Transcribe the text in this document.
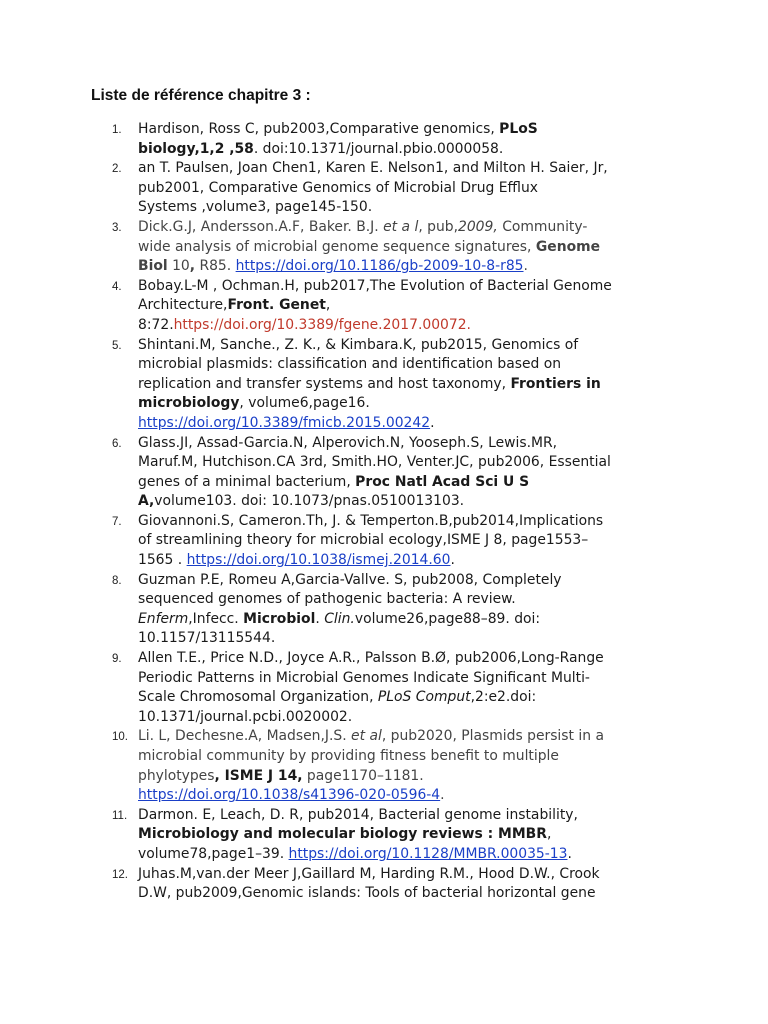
Liste de référence chapitre 3 :
1. Hardison, Ross C, pub2003,Comparative genomics, PLoS
biology,1,2 ,58. doi:10.1371/journal.pbio.0000058.
2. an T. Paulsen, Joan Chen1, Karen E. Nelson1, and Milton H. Saier, Jr,
pub2001, Comparative Genomics of Microbial Drug Efflux
Systems ,volume3, page145-150.
3. Dick.G.J, Andersson.A.F, Baker. B.J. et a l, pub,2009, Community-
wide analysis of microbial genome sequence signatures, Genome
Biol 10, R85. https://doi.org/10.1186/gb-2009-10-8-r85.
4. Bobay.L-M , Ochman.H, pub2017,The Evolution of Bacterial Genome
Architecture,Front. Genet,
8:72.https://doi.org/10.3389/fgene.2017.00072.
5. Shintani.M, Sanche., Z. K., & Kimbara.K, pub2015, Genomics of
microbial plasmids: classification and identification based on
replication and transfer systems and host taxonomy, Frontiers in
microbiology, volume6,page16.
https://doi.org/10.3389/fmicb.2015.00242.
6. Glass.JI, Assad-Garcia.N, Alperovich.N, Yooseph.S, Lewis.MR,
Maruf.M, Hutchison.CA 3rd, Smith.HO, Venter.JC, pub2006, Essential
genes of a minimal bacterium, Proc Natl Acad Sci U S
A,volume103. doi: 10.1073/pnas.0510013103.
7. Giovannoni.S, Cameron.Th, J. & Temperton.B,pub2014,Implications
of streamlining theory for microbial ecology,ISME J 8, page1553–
1565 . https://doi.org/10.1038/ismej.2014.60.
8. Guzman P.E, Romeu A,Garcia-Vallve. S, pub2008, Completely
sequenced genomes of pathogenic bacteria: A review.
Enferm,Infecc. Microbiol. Clin.volume26,page88–89. doi:
10.1157/13115544.
9. Allen T.E., Price N.D., Joyce A.R., Palsson B.Ø, pub2006,Long-Range
Periodic Patterns in Microbial Genomes Indicate Significant Multi-
Scale Chromosomal Organization, PLoS Comput,2:e2.doi:
10.1371/journal.pcbi.0020002.
10. Li. L, Dechesne.A, Madsen,J.S. et al, pub2020, Plasmids persist in a
microbial community by providing fitness benefit to multiple
phylotypes, ISME J 14, page1170–1181.
https://doi.org/10.1038/s41396-020-0596-4.
11. Darmon. E, Leach, D. R, pub2014, Bacterial genome instability,
Microbiology and molecular biology reviews : MMBR,
volume78,page1–39. https://doi.org/10.1128/MMBR.00035-13.
12. Juhas.M,van.der Meer J,Gaillard M, Harding R.M., Hood D.W., Crook
D.W, pub2009,Genomic islands: Tools of bacterial horizontal gene
